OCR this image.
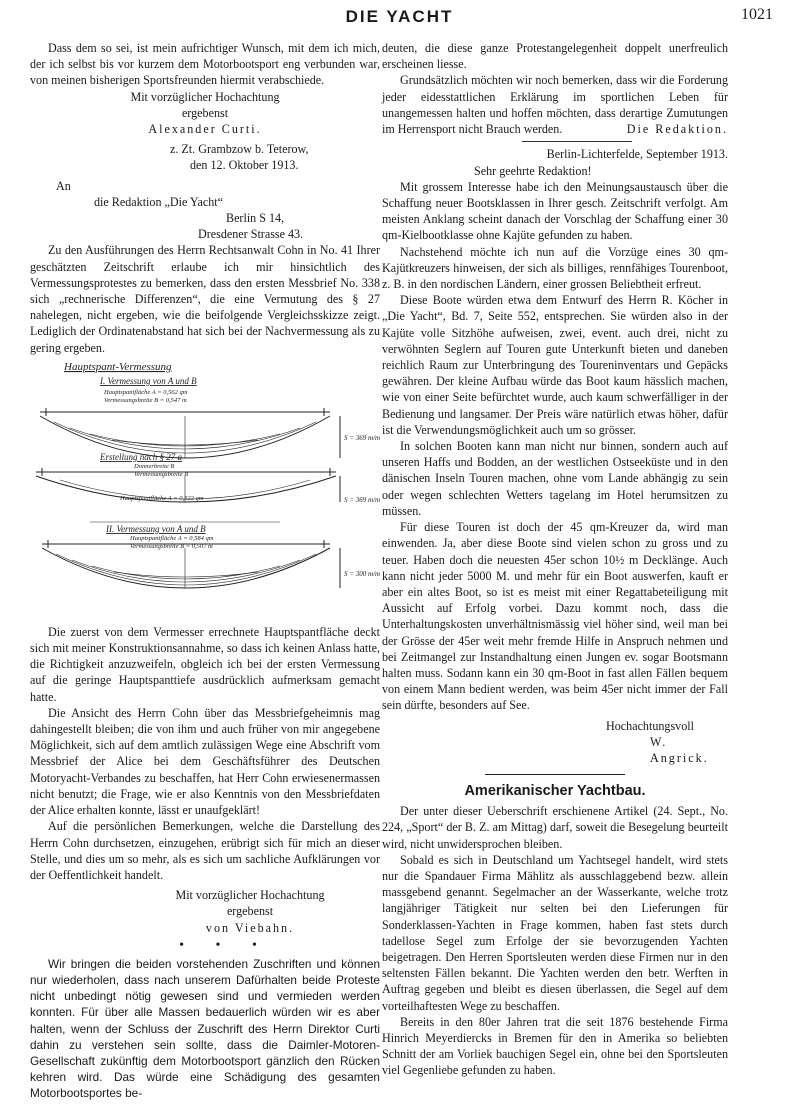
DIE YACHT	1021

Dass dem so sei, ist mein aufrichtiger Wunsch, mit dem ich mich, der ich selbst bis vor kurzem dem Motorbootsport eng verbunden war, von meinen bisherigen Sportsfreunden hiermit verabschiede.

Mit vorzüglicher Hochachtung
ergebenst
Alexander Curti.
z. Zt. Grambzow b. Teterow,
den 12. Oktober 1913.
An
die Redaktion „Die Yacht“
Berlin S 14,
Dresdener Strasse 43.

Zu den Ausführungen des Herrn Rechtsanwalt Cohn in No. 41 Ihrer geschätzten Zeitschrift erlaube ich mir hinsichtlich des Vermessungsprotestes zu bemerken, dass den ersten Messbrief No. 338 sich „rechnerische Differenzen“, die eine Vermutung des § 27 nahelegen, nicht ergeben, wie die beifolgende Vergleichsskizze zeigt. Lediglich der Ordinatenabstand hat sich bei der Nachvermessung als zu gering ergeben.

Hauptspant-Vermessung
I. Vermessung von A und B
Hauptspantfläche A = 0,562 qm
Vermessungsbreite B = 0,547 m
S = 369 m/m
Erstellung nach § 27 a
Donnerbreite B
Vermessungsbreite B
Hauptspantfläche A = 0,522 qm	S = 369 m/m
II. Vermessung von A und B
Hauptspantfläche A = 0,584 qm
Vermessungsbreite B = 0,507 m
S = 300 m/m

Die zuerst von dem Vermesser errechnete Hauptspantfläche deckt sich mit meiner Konstruktionsannahme, so dass ich keinen Anlass hatte, die Richtigkeit anzuzweifeln, obgleich ich bei der ersten Vermessung auf die geringe Hauptspanttiefe ausdrücklich aufmerksam gemacht hatte.

Die Ansicht des Herrn Cohn über das Messbriefgeheimnis mag dahingestellt bleiben; die von ihm und auch früher von mir angegebene Möglichkeit, sich auf dem amtlich zulässigen Wege eine Abschrift vom Messbrief der Alice bei dem Geschäftsführer des Deutschen Motoryacht-Verbandes zu beschaffen, hat Herr Cohn erwiesenermassen nicht benutzt; die Frage, wie er also Kenntnis von den Messbriefdaten der Alice erhalten konnte, lässt er unaufgeklärt!

Auf die persönlichen Bemerkungen, welche die Darstellung des Herrn Cohn durchsetzen, einzugehen, erübrigt sich für mich an dieser Stelle, und dies um so mehr, als es sich um sachliche Aufklärungen vor der Oeffentlichkeit handelt.

Mit vorzüglicher Hochachtung
ergebenst
von Viebahn.
• • •

Wir bringen die beiden vorstehenden Zuschriften und können nur wiederholen, dass nach unserem Dafürhalten beide Proteste nicht unbedingt nötig gewesen sind und vermieden werden konnten. Für über alle Massen bedauerlich würden wir es aber halten, wenn der Schluss der Zuschrift des Herrn Direktor Curti dahin zu verstehen sein sollte, dass die Daimler-Motoren-Gesellschaft zukünftig dem Motorbootsport gänzlich den Rücken kehren wird. Das würde eine Schädigung des gesamten Motorbootsportes be-

deuten, die diese ganze Protestangelegenheit doppelt unerfreulich erscheinen liesse.

Grundsätzlich möchten wir noch bemerken, dass wir die Forderung jeder eidesstattlichen Erklärung im sportlichen Leben für unangemessen halten und hoffen möchten, dass derartige Zumutungen im Herrensport nicht Brauch werden.	Die Redaktion.
Berlin-Lichterfelde, September 1913.
Sehr geehrte Redaktion!

Mit grossem Interesse habe ich den Meinungsaustausch über die Schaffung neuer Bootsklassen in Ihrer gesch. Zeitschrift verfolgt. Am meisten Anklang scheint danach der Vorschlag der Schaffung einer 30 qm-Kielbootklasse ohne Kajüte gefunden zu haben.

Nachstehend möchte ich nun auf die Vorzüge eines 30 qm-Kajütkreuzers hinweisen, der sich als billiges, rennfähiges Tourenboot, z. B. in den nordischen Ländern, einer grossen Beliebtheit erfreut.

Diese Boote würden etwa dem Entwurf des Herrn R. Köcher in „Die Yacht“, Bd. 7, Seite 552, entsprechen. Sie würden also in der Kajüte volle Sitzhöhe aufweisen, zwei, event. auch drei, nicht zu verwöhnten Seglern auf Touren gute Unterkunft bieten und daneben reichlich Raum zur Unterbringung des Toureninventars und Gepäcks gewähren. Der kleine Aufbau würde das Boot kaum hässlich machen, wie von einer Seite befürchtet wurde, auch kaum schwerfälliger in der Bedienung und langsamer. Der Preis wäre natürlich etwas höher, dafür ist die Verwendungsmöglichkeit auch um so grösser.

In solchen Booten kann man nicht nur binnen, sondern auch auf unseren Haffs und Bodden, an der westlichen Ostseeküste und in den dänischen Inseln Touren machen, ohne vom Lande abhängig zu sein oder wegen schlechten Wetters tagelang im Hotel herumsitzen zu müssen.

Für diese Touren ist doch der 45 qm-Kreuzer da, wird man einwenden. Ja, aber diese Boote sind vielen schon zu gross und zu teuer. Haben doch die neuesten 45er schon 10½ m Decklänge. Auch kann nicht jeder 5000 M. und mehr für ein Boot auswerfen, kauft er aber ein altes Boot, so ist es meist mit einer Regattabeteiligung mit Aussicht auf Erfolg vorbei. Dazu kommt noch, dass die Unterhaltungskosten unverhältnismässig viel höher sind, weil man bei der Grösse der 45er weit mehr fremde Hilfe in Anspruch nehmen und bei Zeitmangel zur Instandhaltung einen Jungen ev. sogar Bootsmann halten muss. Sodann kann ein 30 qm-Boot in fast allen Fällen bequem von einem Mann bedient werden, was beim 45er nicht immer der Fall sein dürfte, besonders auf See.

Hochachtungsvoll
W. Angrick.
Amerikanischer Yachtbau.

Der unter dieser Ueberschrift erschienene Artikel (24. Sept., No. 224, „Sport“ der B. Z. am Mittag) darf, soweit die Besegelung beurteilt wird, nicht unwidersprochen bleiben.

Sobald es sich in Deutschland um Yachtsegel handelt, wird stets nur die Spandauer Firma Mählitz als ausschlaggebend bezw. allein massgebend genannt. Segelmacher an der Wasserkante, welche trotz langjähriger Tätigkeit nur selten bei den Lieferungen für Sonderklassen-Yachten in Frage kommen, haben fast stets durch tadellose Segel zum Erfolge der sie bevorzugenden Yachten beigetragen. Den Herren Sportsleuten werden diese Firmen nur in den seltensten Fällen bekannt. Die Yachten werden den betr. Werften in Auftrag gegeben und bleibt es diesen überlassen, die Segel auf dem vorteilhaftesten Wege zu beschaffen.

Bereits in den 80er Jahren trat die seit 1876 bestehende Firma Hinrich Meyerdiercks in Bremen für den in Amerika so beliebten Schnitt der am Vorliek bauchigen Segel ein, ohne bei den Sportsleuten viel Gegenliebe gefunden zu haben.
